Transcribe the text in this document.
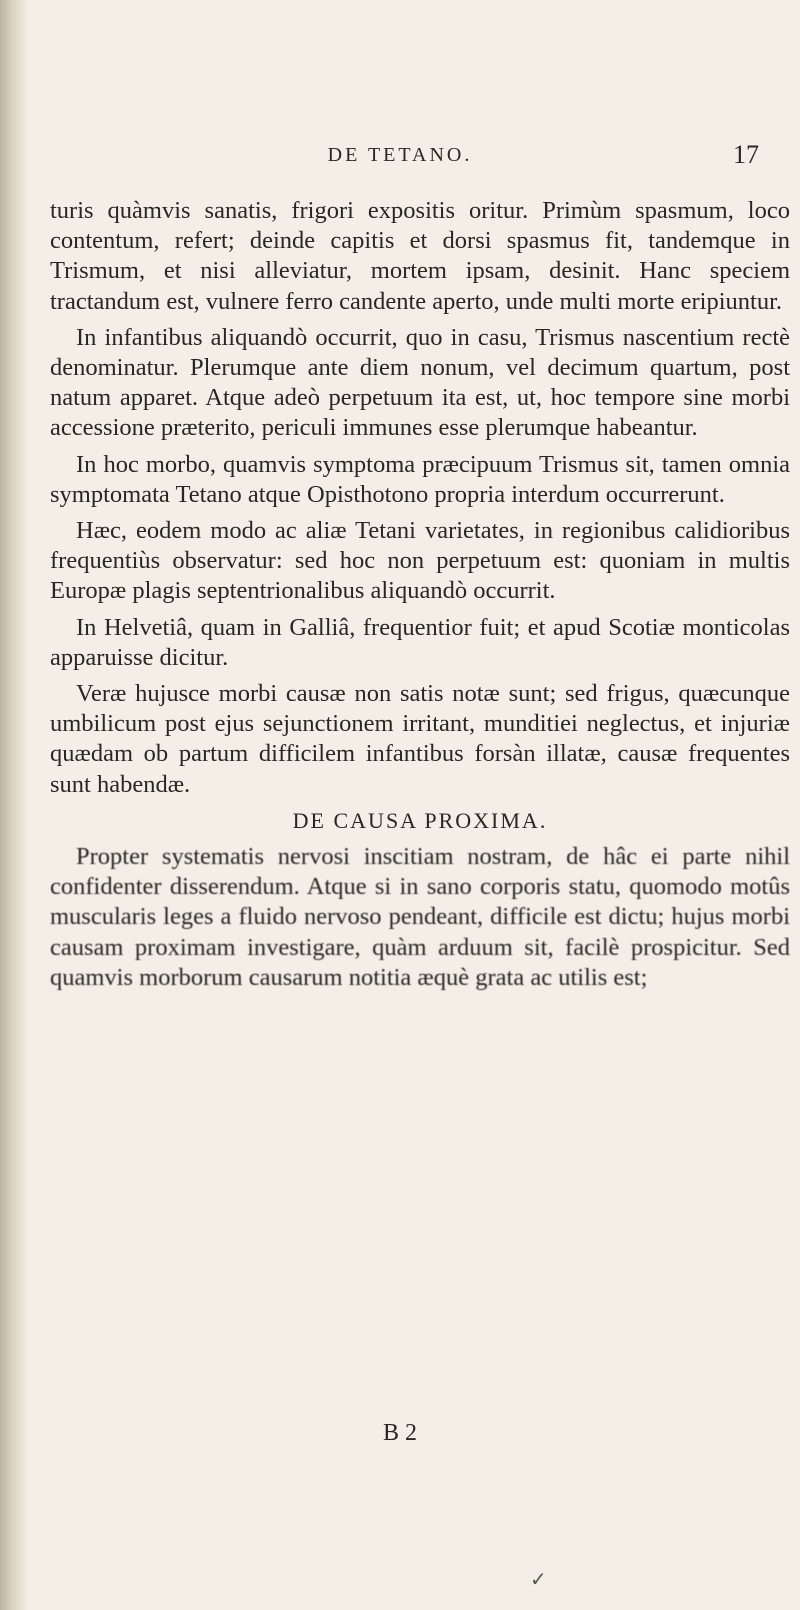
DE TETANO.	17

turis quàmvis sanatis, frigori expositis oritur. Primùm spasmum, loco contentum, refert; deinde capitis et dorsi spasmus fit, tandemque in Trismum, et nisi alleviatur, mortem ipsam, desinit. Hanc speciem tractandum est, vulnere ferro candente aperto, unde multi morte eripiuntur.

In infantibus aliquandò occurrit, quo in casu, Trismus nascentium rectè denominatur. Plerumque ante diem nonum, vel decimum quartum, post natum apparet. Atque adeò perpetuum ita est, ut, hoc tempore sine morbi accessione præterito, periculi immunes esse plerumque habeantur.

In hoc morbo, quamvis symptoma præcipuum Trismus sit, tamen omnia symptomata Tetano atque Opisthotono propria interdum occurrerunt.

Hæc, eodem modo ac aliæ Tetani varietates, in regionibus calidioribus frequentiùs observatur: sed hoc non perpetuum est: quoniam in multis Europæ plagis septentrionalibus aliquandò occurrit.

In Helvetiâ, quam in Galliâ, frequentior fuit; et apud Scotiæ monticolas apparuisse dicitur.

Veræ hujusce morbi causæ non satis notæ sunt; sed frigus, quæcunque umbilicum post ejus sejunctionem irritant, munditiei neglectus, et injuriæ quædam ob partum difficilem infantibus forsàn illatæ, causæ frequentes sunt habendæ.

DE CAUSA PROXIMA.

Propter systematis nervosi inscitiam nostram, de hâc ei parte nihil confidenter disserendum. Atque si in sano corporis statu, quomodo motûs muscularis leges a fluido nervoso pendeant, difficile est dictu; hujus morbi causam proximam investigare, quàm arduum sit, facilè prospicitur. Sed quamvis morborum causarum notitia æquè grata ac utilis est;

B 2
✓
